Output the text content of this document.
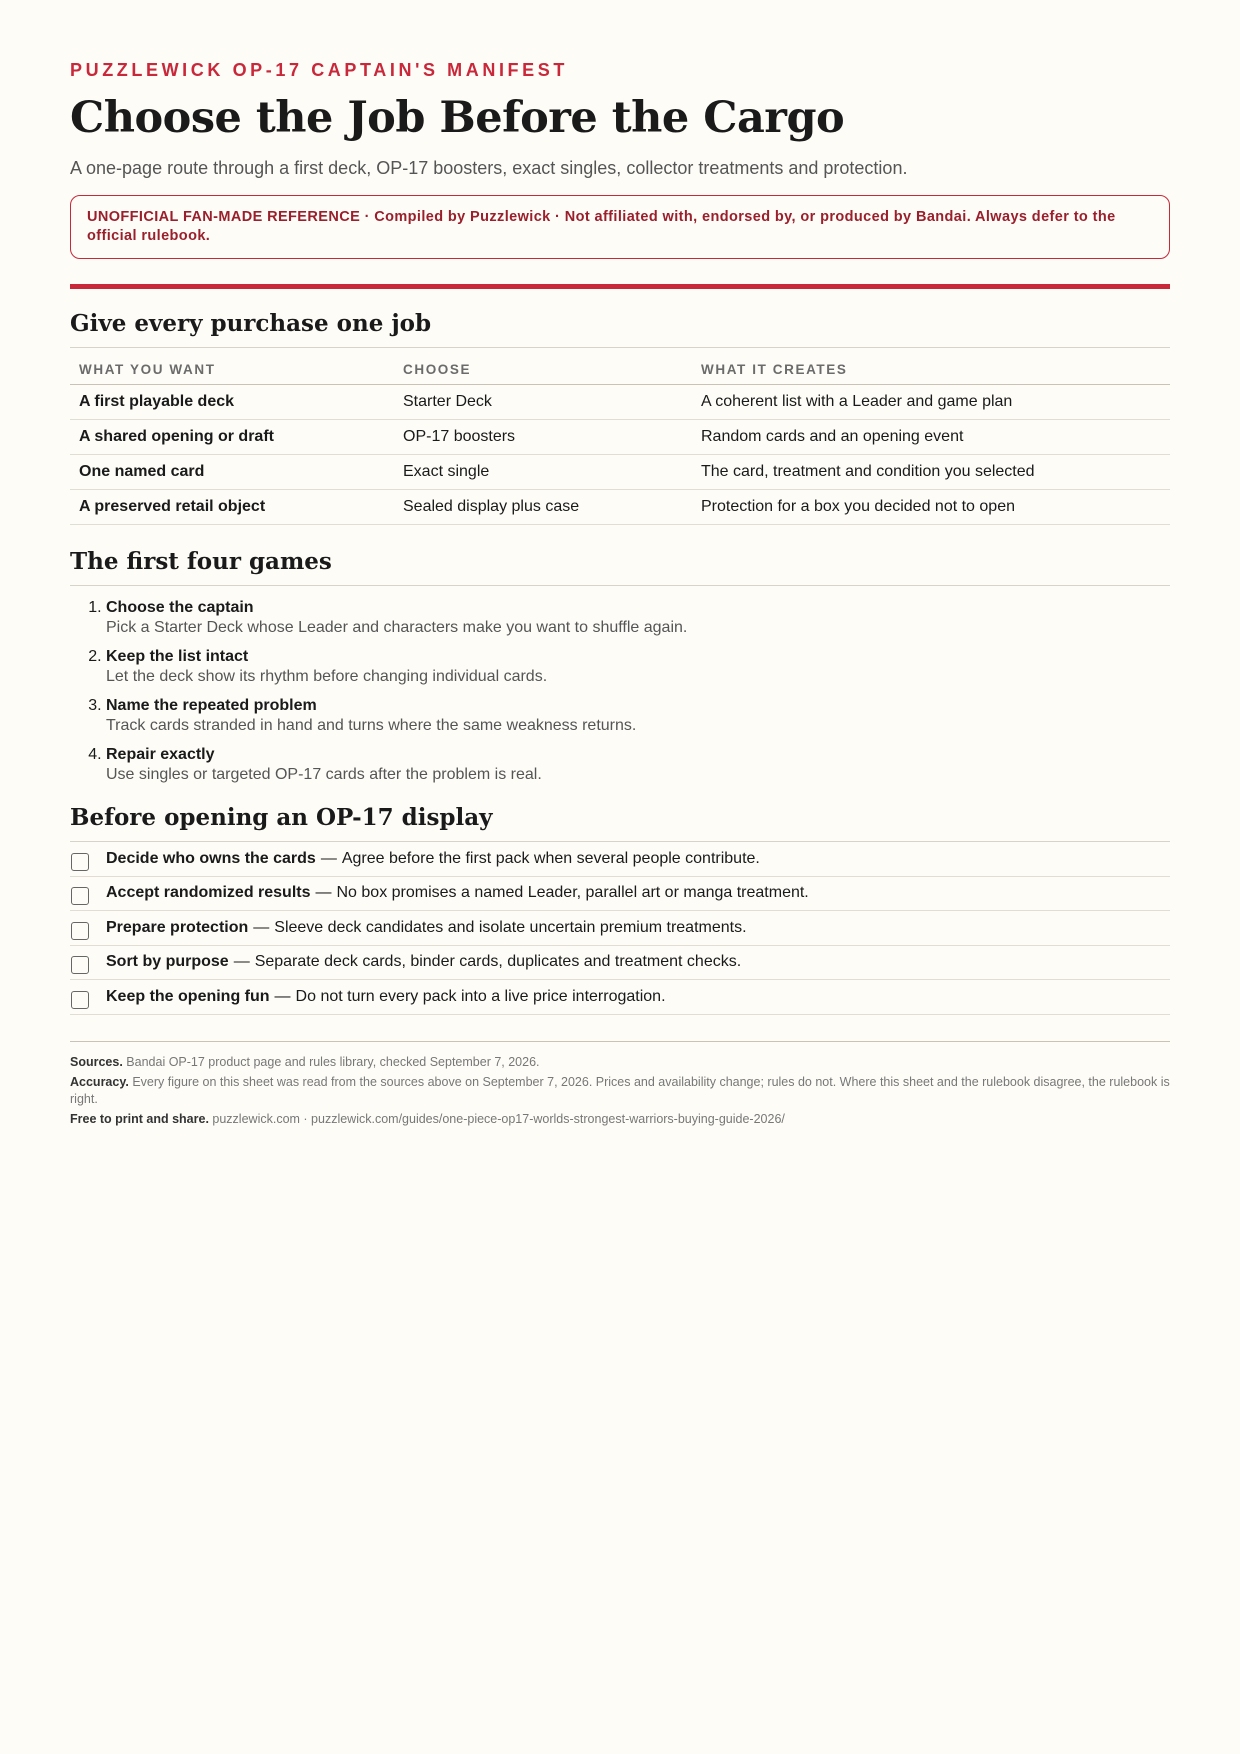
PUZZLEWICK OP-17 CAPTAIN'S MANIFEST

Choose the Job Before the Cargo

A one-page route through a first deck, OP-17 boosters, exact singles, collector treatments and protection.

UNOFFICIAL FAN-MADE REFERENCE · Compiled by Puzzlewick · Not affiliated with, endorsed by, or produced by Bandai. Always defer to the official rulebook.
Give every purchase one job
WHAT YOU WANT	CHOOSE	WHAT IT CREATES
A first playable deck	Starter Deck	A coherent list with a Leader and game plan
A shared opening or draft	OP-17 boosters	Random cards and an opening event
One named card	Exact single	The card, treatment and condition you selected
A preserved retail object	Sealed display plus case	Protection for a box you decided not to open
The first four games
1. Choose the captain
Pick a Starter Deck whose Leader and characters make you want to shuffle again.
2. Keep the list intact
Let the deck show its rhythm before changing individual cards.
3. Name the repeated problem
Track cards stranded in hand and turns where the same weakness returns.
4. Repair exactly
Use singles or targeted OP-17 cards after the problem is real.
Before opening an OP-17 display
Decide who owns the cards — Agree before the first pack when several people contribute.
Accept randomized results — No box promises a named Leader, parallel art or manga treatment.
Prepare protection — Sleeve deck candidates and isolate uncertain premium treatments.
Sort by purpose — Separate deck cards, binder cards, duplicates and treatment checks.
Keep the opening fun — Do not turn every pack into a live price interrogation.

Sources. Bandai OP-17 product page and rules library, checked September 7, 2026.

Accuracy. Every figure on this sheet was read from the sources above on September 7, 2026. Prices and availability change; rules do not. Where this sheet and the rulebook disagree, the rulebook is right.

Free to print and share. puzzlewick.com · puzzlewick.com/guides/one-piece-op17-worlds-strongest-warriors-buying-guide-2026/
